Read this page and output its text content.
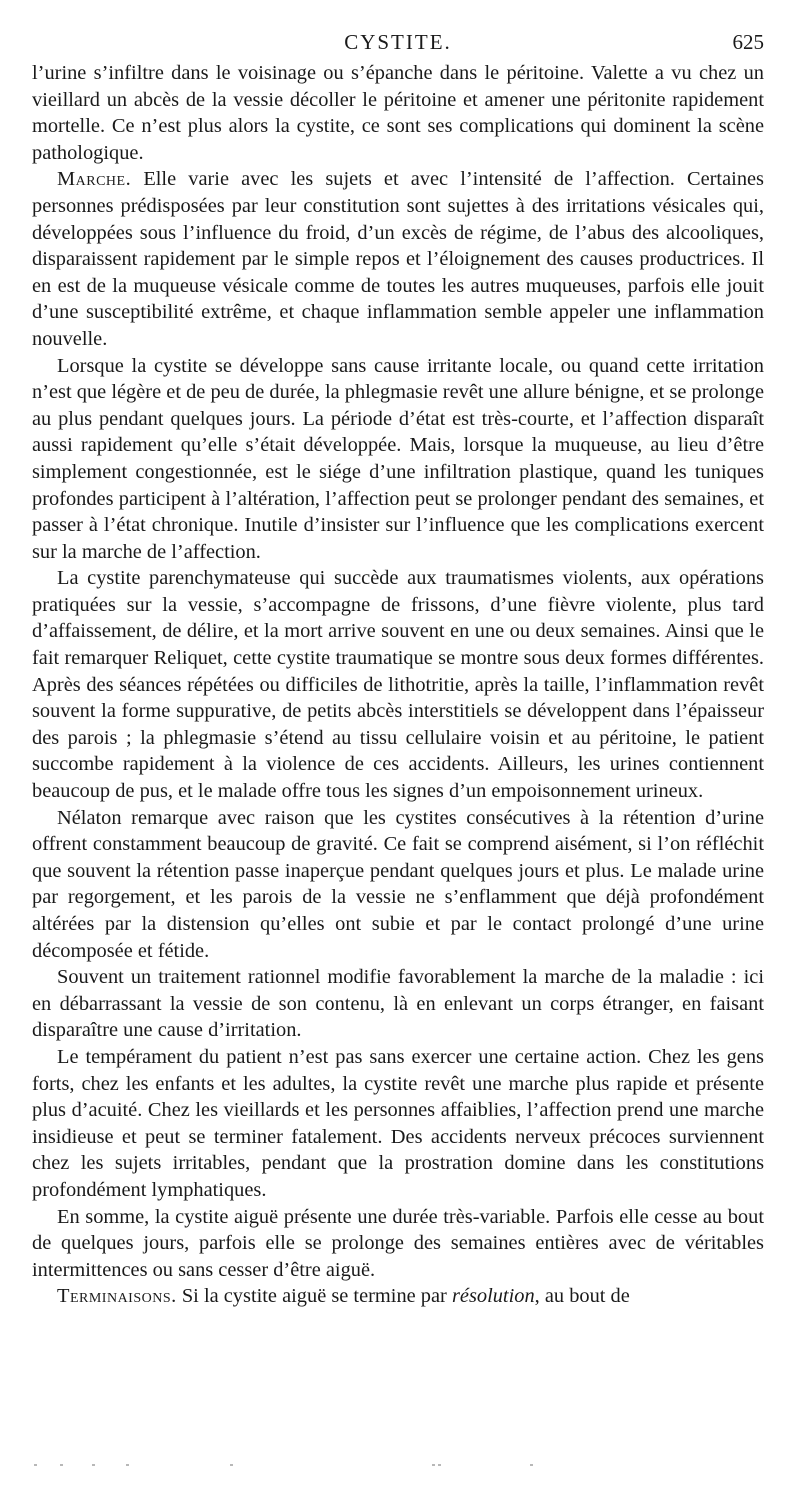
CYSTITE.	625

l’urine s’infiltre dans le voisinage ou s’épanche dans le péritoine. Valette a vu chez un vieillard un abcès de la vessie décoller le péritoine et amener une péritonite rapidement mortelle. Ce n’est plus alors la cystite, ce sont ses complications qui dominent la scène pathologique.

Marche. Elle varie avec les sujets et avec l’intensité de l’affection. Certaines personnes prédisposées par leur constitution sont sujettes à des irritations vésicales qui, développées sous l’influence du froid, d’un excès de régime, de l’abus des alcooliques, disparaissent rapidement par le simple repos et l’éloignement des causes productrices. Il en est de la muqueuse vésicale comme de toutes les autres muqueuses, parfois elle jouit d’une susceptibilité extrême, et chaque inflammation semble appeler une inflammation nouvelle.

Lorsque la cystite se développe sans cause irritante locale, ou quand cette irritation n’est que légère et de peu de durée, la phlegmasie revêt une allure bénigne, et se prolonge au plus pendant quelques jours. La période d’état est très-courte, et l’affection disparaît aussi rapidement qu’elle s’était développée. Mais, lorsque la muqueuse, au lieu d’être simplement congestionnée, est le siége d’une infiltration plastique, quand les tuniques profondes participent à l’altération, l’affection peut se prolonger pendant des semaines, et passer à l’état chronique. Inutile d’insister sur l’influence que les complications exercent sur la marche de l’affection.

La cystite parenchymateuse qui succède aux traumatismes violents, aux opérations pratiquées sur la vessie, s’accompagne de frissons, d’une fièvre violente, plus tard d’affaissement, de délire, et la mort arrive souvent en une ou deux semaines. Ainsi que le fait remarquer Reliquet, cette cystite traumatique se montre sous deux formes différentes. Après des séances répétées ou difficiles de lithotritie, après la taille, l’inflammation revêt souvent la forme suppurative, de petits abcès interstitiels se développent dans l’épaisseur des parois ; la phlegmasie s’étend au tissu cellulaire voisin et au péritoine, le patient succombe rapidement à la violence de ces accidents. Ailleurs, les urines contiennent beaucoup de pus, et le malade offre tous les signes d’un empoisonnement urineux.

Nélaton remarque avec raison que les cystites consécutives à la rétention d’urine offrent constamment beaucoup de gravité. Ce fait se comprend aisément, si l’on réfléchit que souvent la rétention passe inaperçue pendant quelques jours et plus. Le malade urine par regorgement, et les parois de la vessie ne s’enflamment que déjà profondément altérées par la distension qu’elles ont subie et par le contact prolongé d’une urine décomposée et fétide.

Souvent un traitement rationnel modifie favorablement la marche de la maladie : ici en débarrassant la vessie de son contenu, là en enlevant un corps étranger, en faisant disparaître une cause d’irritation.

Le tempérament du patient n’est pas sans exercer une certaine action. Chez les gens forts, chez les enfants et les adultes, la cystite revêt une marche plus rapide et présente plus d’acuité. Chez les vieillards et les personnes affaiblies, l’affection prend une marche insidieuse et peut se terminer fatalement. Des accidents nerveux précoces surviennent chez les sujets irritables, pendant que la prostration domine dans les constitutions profondément lymphatiques.

En somme, la cystite aiguë présente une durée très-variable. Parfois elle cesse au bout de quelques jours, parfois elle se prolonge des semaines entières avec de véritables intermittences ou sans cesser d’être aiguë.

Terminaisons. Si la cystite aiguë se termine par résolution, au bout de
